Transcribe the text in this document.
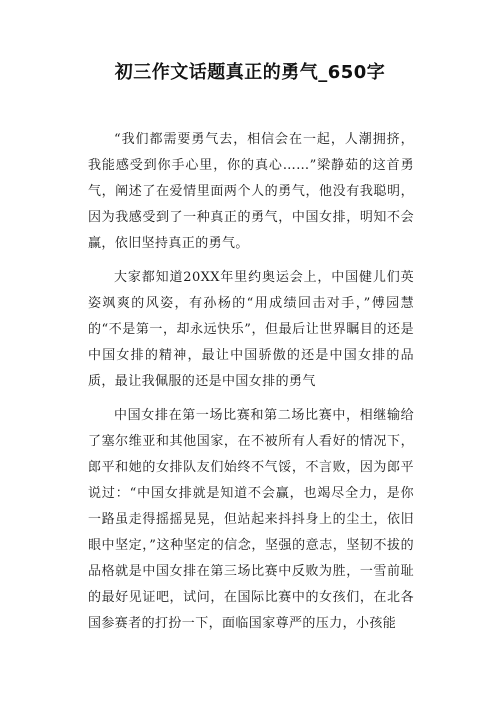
初三作文话题真正的勇气_650字

“我们都需要勇气去，相信会在一起，人潮拥挤，我能感受到你手心里，你的真心……”梁静茹的这首勇气，阐述了在爱情里面两个人的勇气，他没有我聪明，因为我感受到了一种真正的勇气，中国女排，明知不会赢，依旧坚持真正的勇气。

大家都知道20XX年里约奥运会上，中国健儿们英姿飒爽的风姿，有孙杨的“用成绩回击对手，”傅园慧的“不是第一，却永远快乐”，但最后让世界瞩目的还是中国女排的精神，最让中国骄傲的还是中国女排的品质，最让我佩服的还是中国女排的勇气

中国女排在第一场比赛和第二场比赛中，相继输给了塞尔维亚和其他国家，在不被所有人看好的情况下，郎平和她的女排队友们始终不气馁，不言败，因为郎平说过：“中国女排就是知道不会赢，也竭尽全力，是你一路虽走得摇摇晃晃，但站起来抖抖身上的尘土，依旧眼中坚定，”这种坚定的信念，坚强的意志，坚韧不拔的品格就是中国女排在第三场比赛中反败为胜，一雪前耻的最好见证吧，试问，在国际比赛中的女孩们，在北各国参赛者的打扮一下，面临国家尊严的压力，小孩能
